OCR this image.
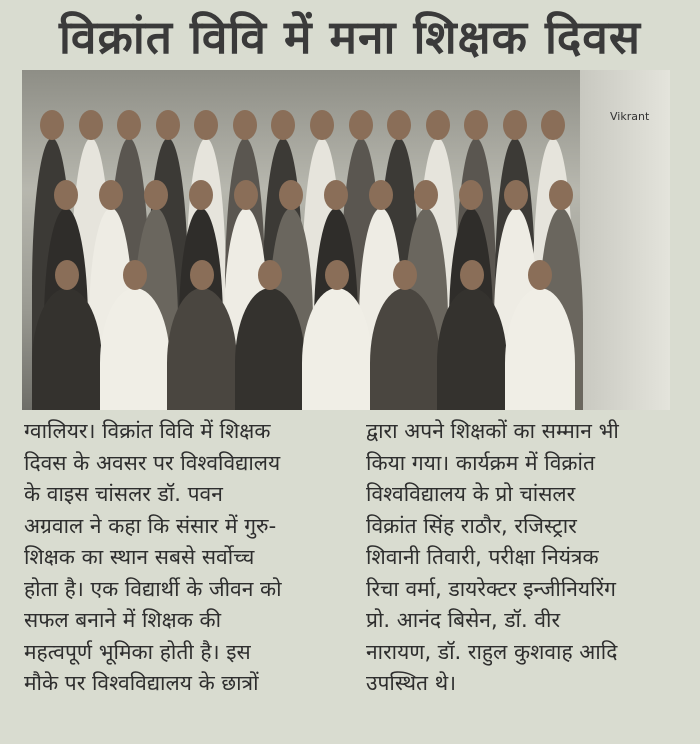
विक्रांत विवि में मना शिक्षक दिवस
Vikrant
ग्वालियर। विक्रांत विवि में शिक्षक
दिवस के अवसर पर विश्वविद्यालय
के वाइस चांसलर डॉ. पवन
अग्रवाल ने कहा कि संसार में गुरु-
शिक्षक का स्थान सबसे सर्वोच्च
होता है। एक विद्यार्थी के जीवन को
सफल बनाने में शिक्षक की
महत्वपूर्ण भूमिका होती है। इस
मौके पर विश्वविद्यालय के छात्रों
द्वारा अपने शिक्षकों का सम्मान भी
किया गया। कार्यक्रम में विक्रांत
विश्वविद्यालय के प्रो चांसलर
विक्रांत सिंह राठौर, रजिस्ट्रार
शिवानी तिवारी, परीक्षा नियंत्रक
रिचा वर्मा, डायरेक्टर इन्जीनियरिंग
प्रो. आनंद बिसेन, डॉ. वीर
नारायण, डॉ. राहुल कुशवाह आदि
उपस्थित थे।
